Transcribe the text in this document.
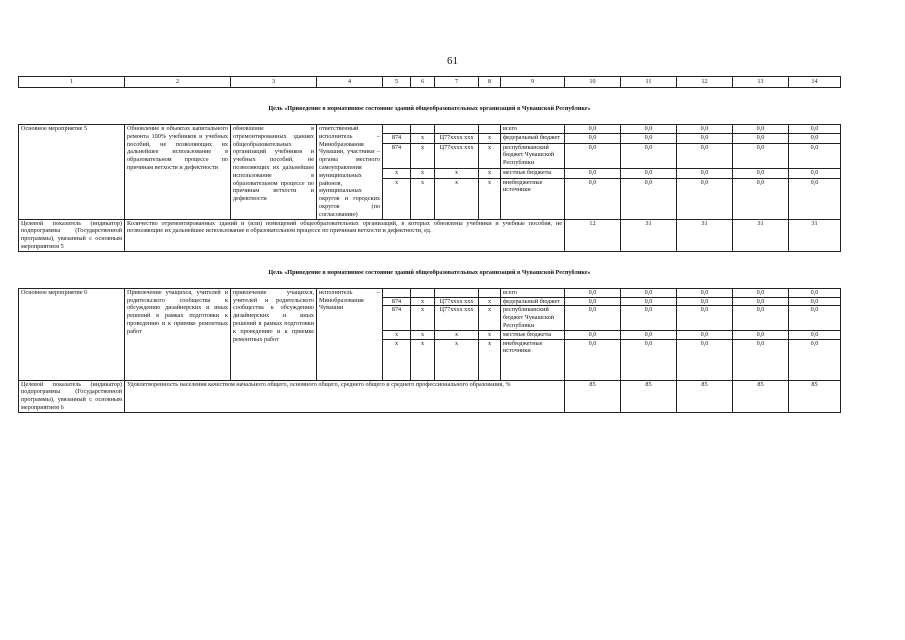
61
1	2	3	4	5	6	7	8	9	10	11	12	13	14
Цель «Приведение в нормативное состояние зданий общеобразовательных организаций в Чувашской Республике»													
Основное мероприятие 5	Обновление в объектах капитального ремонта 100% учебников и учебных пособий, не позволяющих их дальнейшее использование в образовательном процессе по причинам ветхости и дефектности	обновление в отремонтированных зданиях общеобразовательных организаций учебников и учебных пособий, не позволяющих их дальнейшее использование в образовательном процессе по причинам ветхости и дефектности	ответственный исполнитель – Минобразования Чувашии, участники – органы местного самоуправления муниципальных районов, муниципальных округов и городских округов (по согласованию)					всего	0,0	0,0	0,0	0,0	0,0
				874	х	Ц77хххх ххх	х	федеральный бюджет	0,0	0,0	0,0	0,0	0,0
				874	х	Ц77хххх ххх	х	республиканский бюджет Чувашской Республики	0,0	0,0	0,0	0,0	0,0
				х	х	х	х	местные бюджеты	0,0	0,0	0,0	0,0	0,0
				х	х	х	х	внебюджетные источники	0,0	0,0	0,0	0,0	0,0
Целевой показатель (индикатор) подпрограммы (Государственной программы), увязанный с основным мероприятием 5	Количество отремонтированных зданий и (или) помещений общеобразовательных организаций, в которых обновлены учебники и учебные пособия, не позволяющие их дальнейшее использование в образовательном процессе по причинам ветхости и дефектности, ед.								12	31	31	31	31
Цель «Приведение в нормативное состояние зданий общеобразовательных организаций в Чувашской Республике»													
Основное мероприятие 6	Привлечение учащихся, учителей и родительского сообщества к обсуждению дизайнерских и иных решений в рамках подготовки к проведению и к приемке ремонтных работ	привлечение учащихся, учителей и родительского сообщества к обсуждению дизайнерских и иных решений в рамках подготовки к проведению и к приемке ремонтных работ	исполнитель – Минобразования Чувашии					всего	0,0	0,0	0,0	0,0	0,0
				874	х	Ц77хххх ххх	х	федеральный бюджет	0,0	0,0	0,0	0,0	0,0
				874	х	Ц77хххх ххх	х	республиканский бюджет Чувашской Республики	0,0	0,0	0,0	0,0	0,0
				х	х	х	х	местные бюджеты	0,0	0,0	0,0	0,0	0,0
				х	х	х	х	внебюджетные источники	0,0	0,0	0,0	0,0	0,0
Целевой показатель (индикатор) подпрограммы (Государственной программы), увязанный с основным мероприятием 6	Удовлетворенность населения качеством начального общего, основного общего, среднего общего и среднего профессионального образования, %								85	85	85	85	85
